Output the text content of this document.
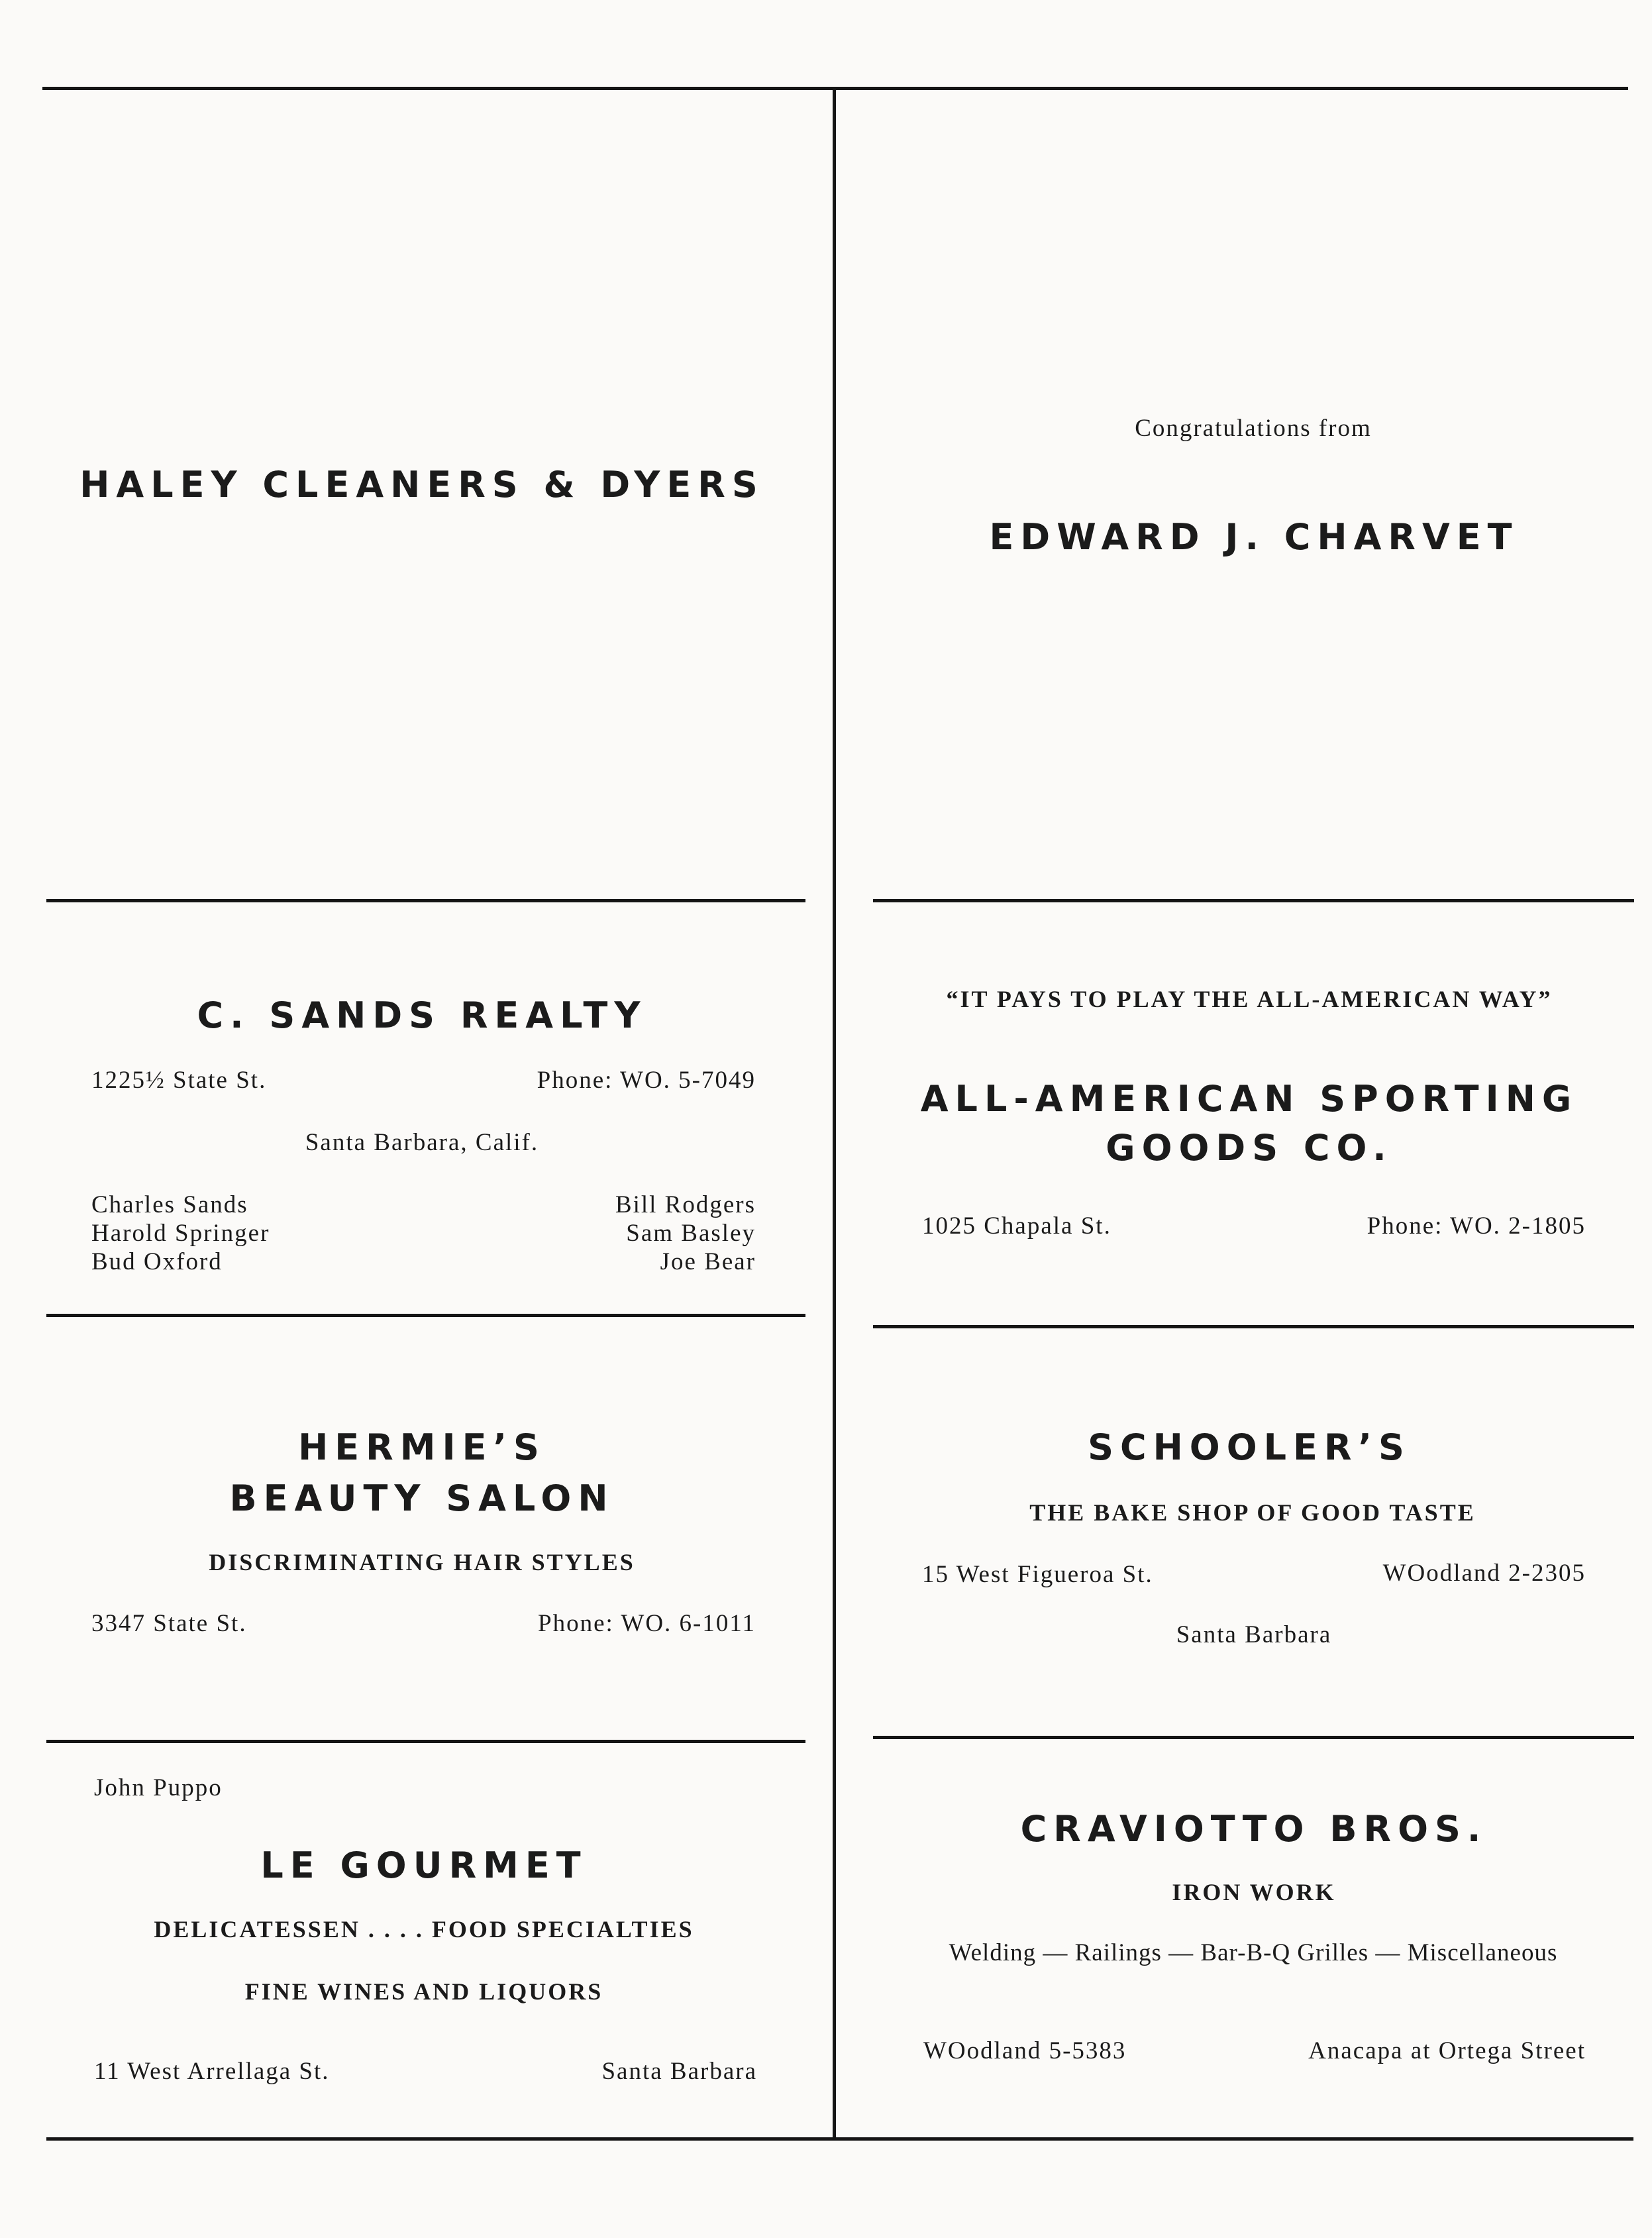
HALEY CLEANERS & DYERS
Congratulations from
EDWARD J. CHARVET
C. SANDS REALTY
1225½ State St.	Phone: WO. 5-7049
Santa Barbara, Calif.
Charles Sands
Harold Springer
Bud Oxford
Bill Rodgers
Sam Basley
Joe Bear
“IT PAYS TO PLAY THE ALL-AMERICAN WAY”
ALL-AMERICAN SPORTING
GOODS CO.
1025 Chapala St.	Phone: WO. 2-1805
HERMIE’S
BEAUTY SALON
DISCRIMINATING HAIR STYLES
3347 State St.	Phone: WO. 6-1011
SCHOOLER’S
THE BAKE SHOP OF GOOD TASTE
15 West Figueroa St.	WOodland 2-2305
Santa Barbara
John Puppo
LE GOURMET
DELICATESSEN . . . . FOOD SPECIALTIES
FINE WINES AND LIQUORS
11 West Arrellaga St.	Santa Barbara
CRAVIOTTO BROS.
IRON WORK
Welding — Railings — Bar-B-Q Grilles — Miscellaneous
WOodland 5-5383	Anacapa at Ortega Street
